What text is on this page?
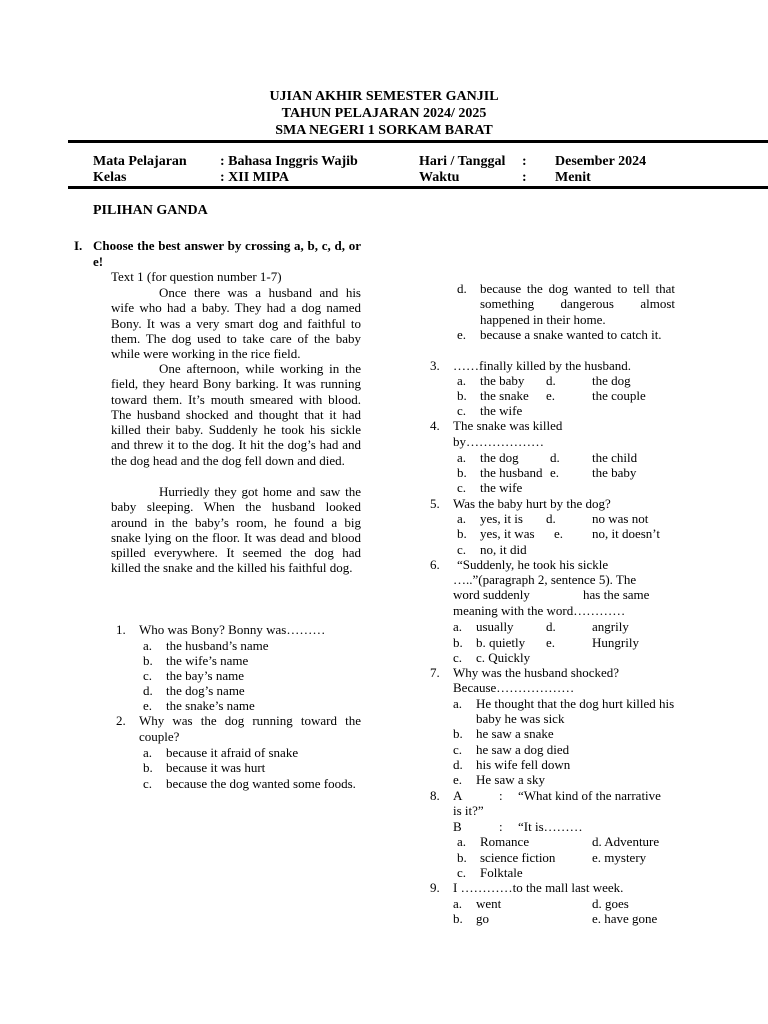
UJIAN AKHIR SEMESTER GANJIL
TAHUN PELAJARAN 2024/ 2025
SMA NEGERI 1 SORKAM BARAT
Mata Pelajaran : Bahasa Inggris Wajib	Hari / Tanggal : Desember 2024
Kelas	: XII MIPA	Waktu	: Menit
PILIHAN GANDA
I. Choose the best answer by crossing a, b, c, d, or e!
Text 1 (for question number 1-7)
Once there was a husband and his wife who had a baby. They had a dog named Bony. It was a very smart dog and faithful to them. The dog used to take care of the baby while were working in the rice field.
One afternoon, while working in the field, they heard Bony barking. It was running toward them. It’s mouth smeared with blood. The husband shocked and thought that it had killed their baby. Suddenly he took his sickle and threw it to the dog. It hit the dog’s had and the dog head and the dog fell down and died.
Hurriedly they got home and saw the baby sleeping. When the husband looked around in the baby’s room, he found a big snake lying on the floor. It was dead and blood spilled everywhere. It seemed the dog had killed the snake and the killed his faithful dog.
1. Who was Bony? Bonny was………
a. the husband’s name
b. the wife’s name
c. the bay’s name
d. the dog’s name
e. the snake’s name
2. Why was the dog running toward the couple?
a. because it afraid of snake
b. because it was hurt
c. because the dog wanted some foods.
d. because the dog wanted to tell that something dangerous almost happened in their home.
e. because a snake wanted to catch it.
3. ……finally killed by the husband.
a. the baby d.	the dog
b. the snake e.	the couple
c. the wife
4. The snake was killed
by………………
a. the dog d. the child
b. the husband e.	the baby
c. the wife
5. Was the baby hurt by the dog?
a. yes, it is d.	no was not
b. yes, it was e. no, it doesn’t
c. no, it did
6. “Suddenly, he took his sickle
…..”(paragraph 2, sentence 5). The
word suddenly	has the same
meaning with the word…………
a. usually d.	angrily
b. b. quietly e.	Hungrily
c. c. Quickly
7. Why was the husband shocked?
Because………………
a. He thought that the dog hurt killed his baby he was sick
b. he saw a snake
c. he saw a dog died
d. his wife fell down
e. He saw a sky
8. A	: “What kind of the narrative
is it?”
B	: “It is………
a. Romance	d. Adventure
b. science fiction	e. mystery
c. Folktale
9. I …………to the mall last week.
a. went	d. goes
b. go	e. have gone
